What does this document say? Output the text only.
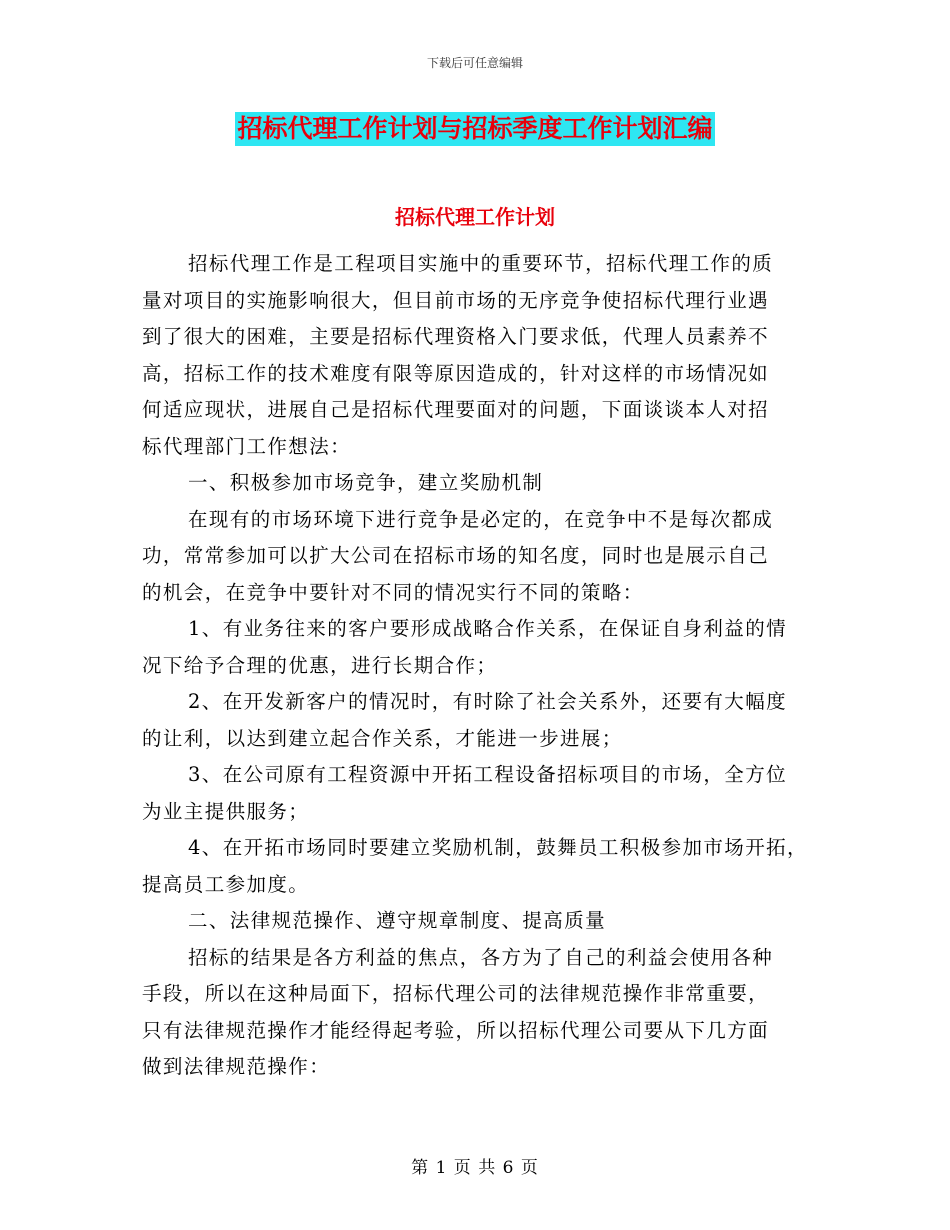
下载后可任意编辑
招标代理工作计划与招标季度工作计划汇编
招标代理工作计划
招标代理工作是工程项目实施中的重要环节，招标代理工作的质
量对项目的实施影响很大，但目前市场的无序竞争使招标代理行业遇
到了很大的困难，主要是招标代理资格入门要求低，代理人员素养不
高，招标工作的技术难度有限等原因造成的，针对这样的市场情况如
何适应现状，进展自己是招标代理要面对的问题，下面谈谈本人对招
标代理部门工作想法：
一、积极参加市场竞争，建立奖励机制
在现有的市场环境下进行竞争是必定的，在竞争中不是每次都成
功，常常参加可以扩大公司在招标市场的知名度，同时也是展示自己
的机会，在竞争中要针对不同的情况实行不同的策略：
1、有业务往来的客户要形成战略合作关系，在保证自身利益的情
况下给予合理的优惠，进行长期合作；
2、在开发新客户的情况时，有时除了社会关系外，还要有大幅度
的让利，以达到建立起合作关系，才能进一步进展；
3、在公司原有工程资源中开拓工程设备招标项目的市场，全方位
为业主提供服务；
4、在开拓市场同时要建立奖励机制，鼓舞员工积极参加市场开拓，
提高员工参加度。
二、法律规范操作、遵守规章制度、提高质量
招标的结果是各方利益的焦点，各方为了自己的利益会使用各种
手段，所以在这种局面下，招标代理公司的法律规范操作非常重要，
只有法律规范操作才能经得起考验，所以招标代理公司要从下几方面
做到法律规范操作：
第 1 页 共 6 页
